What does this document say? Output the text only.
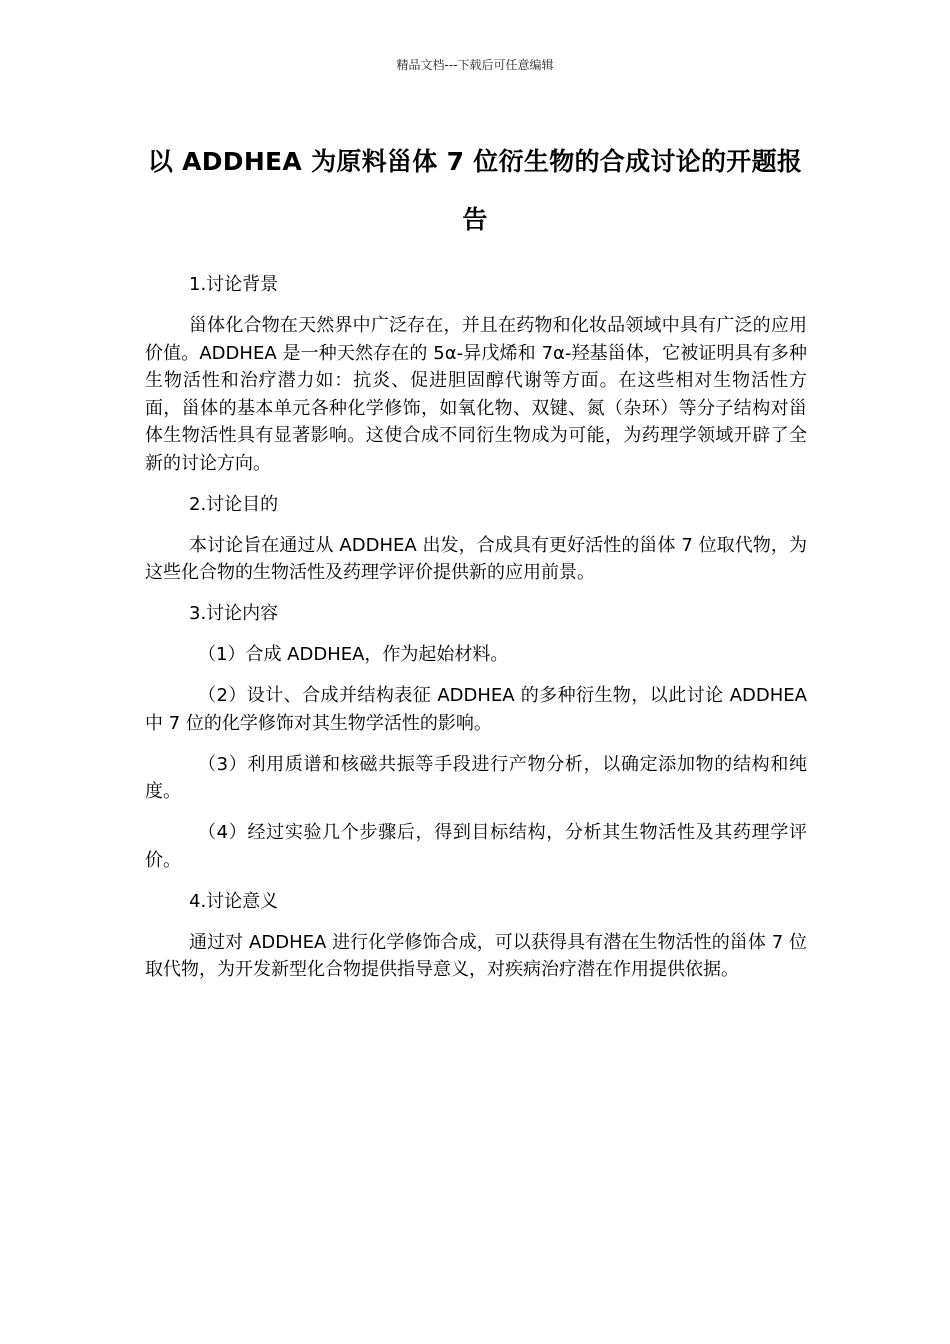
精品文档---下载后可任意编辑
以 ADDHEA 为原料甾体 7 位衍生物的合成讨论的开题报告

1.讨论背景

甾体化合物在天然界中广泛存在，并且在药物和化妆品领域中具有广泛的应用价值。ADDHEA 是一种天然存在的 5α-异戊烯和 7α-羟基甾体，它被证明具有多种生物活性和治疗潜力如：抗炎、促进胆固醇代谢等方面。在这些相对生物活性方面，甾体的基本单元各种化学修饰，如氧化物、双键、氮（杂环）等分子结构对甾体生物活性具有显著影响。这使合成不同衍生物成为可能，为药理学领域开辟了全新的讨论方向。

2.讨论目的

本讨论旨在通过从 ADDHEA 出发，合成具有更好活性的甾体 7 位取代物，为这些化合物的生物活性及药理学评价提供新的应用前景。

3.讨论内容

（1）合成 ADDHEA，作为起始材料。

（2）设计、合成并结构表征 ADDHEA 的多种衍生物，以此讨论 ADDHEA 中 7 位的化学修饰对其生物学活性的影响。

（3）利用质谱和核磁共振等手段进行产物分析，以确定添加物的结构和纯度。

（4）经过实验几个步骤后，得到目标结构，分析其生物活性及其药理学评价。

4.讨论意义

通过对 ADDHEA 进行化学修饰合成，可以获得具有潜在生物活性的甾体 7 位取代物，为开发新型化合物提供指导意义，对疾病治疗潜在作用提供依据。
